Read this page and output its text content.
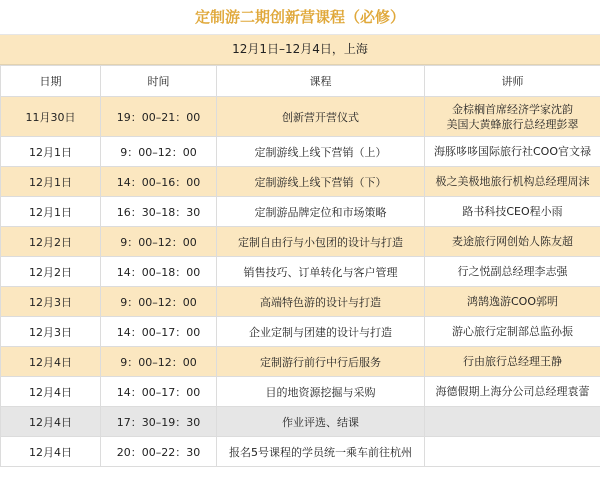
定制游二期创新营课程（必修）
12月1日–12月4日，上海
日期	时间	课程	讲师
11月30日	19：00–21：00	创新营开营仪式	金棕榈首席经济学家沈韵
美国大黄蜂旅行总经理彭翠

12月1日	9：00–12：00	定制游线上线下营销（上）	海豚哆哆国际旅行社COO官文禄

12月1日	14：00–16：00	定制游线上线下营销（下）	极之美极地旅行机构总经理周沫

12月1日	16：30–18：30	定制游品牌定位和市场策略	路书科技CEO程小雨

12月2日	9：00–12：00	定制自由行与小包团的设计与打造	麦途旅行网创始人陈友超

12月2日	14：00–18：00	销售技巧、订单转化与客户管理	行之悦副总经理李志强

12月3日	9：00–12：00	高端特色游的设计与打造	鸿鹄逸游COO郭明

12月3日	14：00–17：00	企业定制与团建的设计与打造	游心旅行定制部总监孙振

12月4日	9：00–12：00	定制游行前行中行后服务	行由旅行总经理王静

12月4日	14：00–17：00	目的地资源挖掘与采购	海德假期上海分公司总经理袁蕾

12月4日	17：30–19：30	作业评选、结课	

12月4日	20：00–22：30	报名5号课程的学员统一乘车前往杭州	
